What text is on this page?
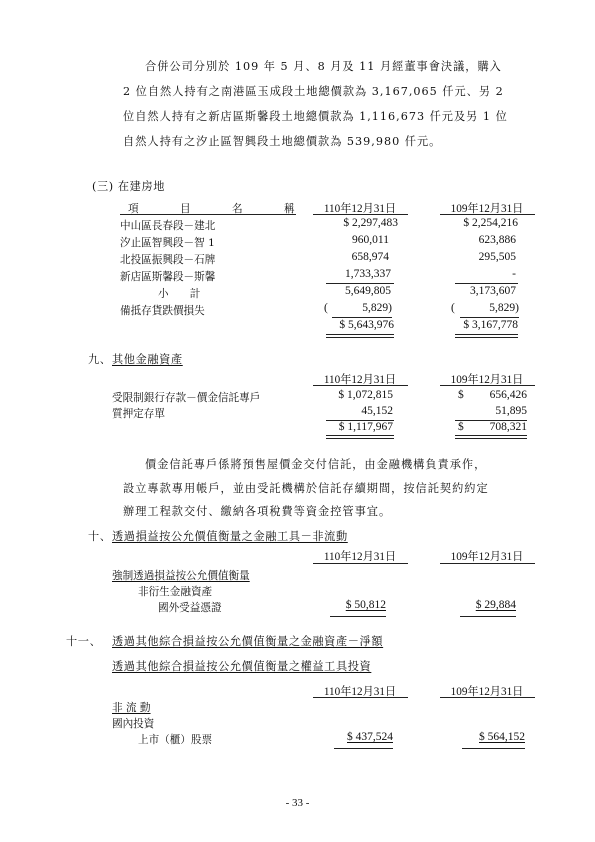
合併公司分別於 109 年 5 月、8 月及 11 月經董事會決議，購入
2 位自然人持有之南港區玉成段土地總價款為 3,167,065 仟元、另 2
位自然人持有之新店區斯馨段土地總價款為 1,116,673 仟元及另 1 位
自然人持有之汐止區智興段土地總價款為 539,980 仟元。
(三) 在建房地
項	目	名	稱	110年12月31日	109年12月31日
中山區長春段－建北	$ 2,297,483	$ 2,254,216
汐止區智興段－智 1	960,011	623,886
北投區振興段－石牌	658,974	295,505
新店區斯馨段－斯馨	1,733,337	-
小　　計	5,649,805	3,173,607
備抵存貨跌價損失	(	5,829)	(	5,829)
$ 5,643,976	$ 3,167,778
九、 其他金融資產
110年12月31日	109年12月31日
受限制銀行存款－價金信託專戶	$ 1,072,815	$	656,426
質押定存單	45,152	51,895
$ 1,117,967	$	708,321
價金信託專戶係將預售屋價金交付信託，由金融機構負責承作，
設立專款專用帳戶，並由受託機構於信託存續期間，按信託契約約定
辦理工程款交付、繳納各項稅費等資金控管事宜。
十、 透過損益按公允價值衡量之金融工具－非流動
110年12月31日	109年12月31日
強制透過損益按公允價值衡量
非衍生金融資產
國外受益憑證	$ 50,812	$ 29,884
十一、 透過其他綜合損益按公允價值衡量之金融資產－淨額
透過其他綜合損益按公允價值衡量之權益工具投資
110年12月31日	109年12月31日
非 流 動
國內投資
上市（櫃）股票	$ 437,524	$ 564,152
- 33 -
